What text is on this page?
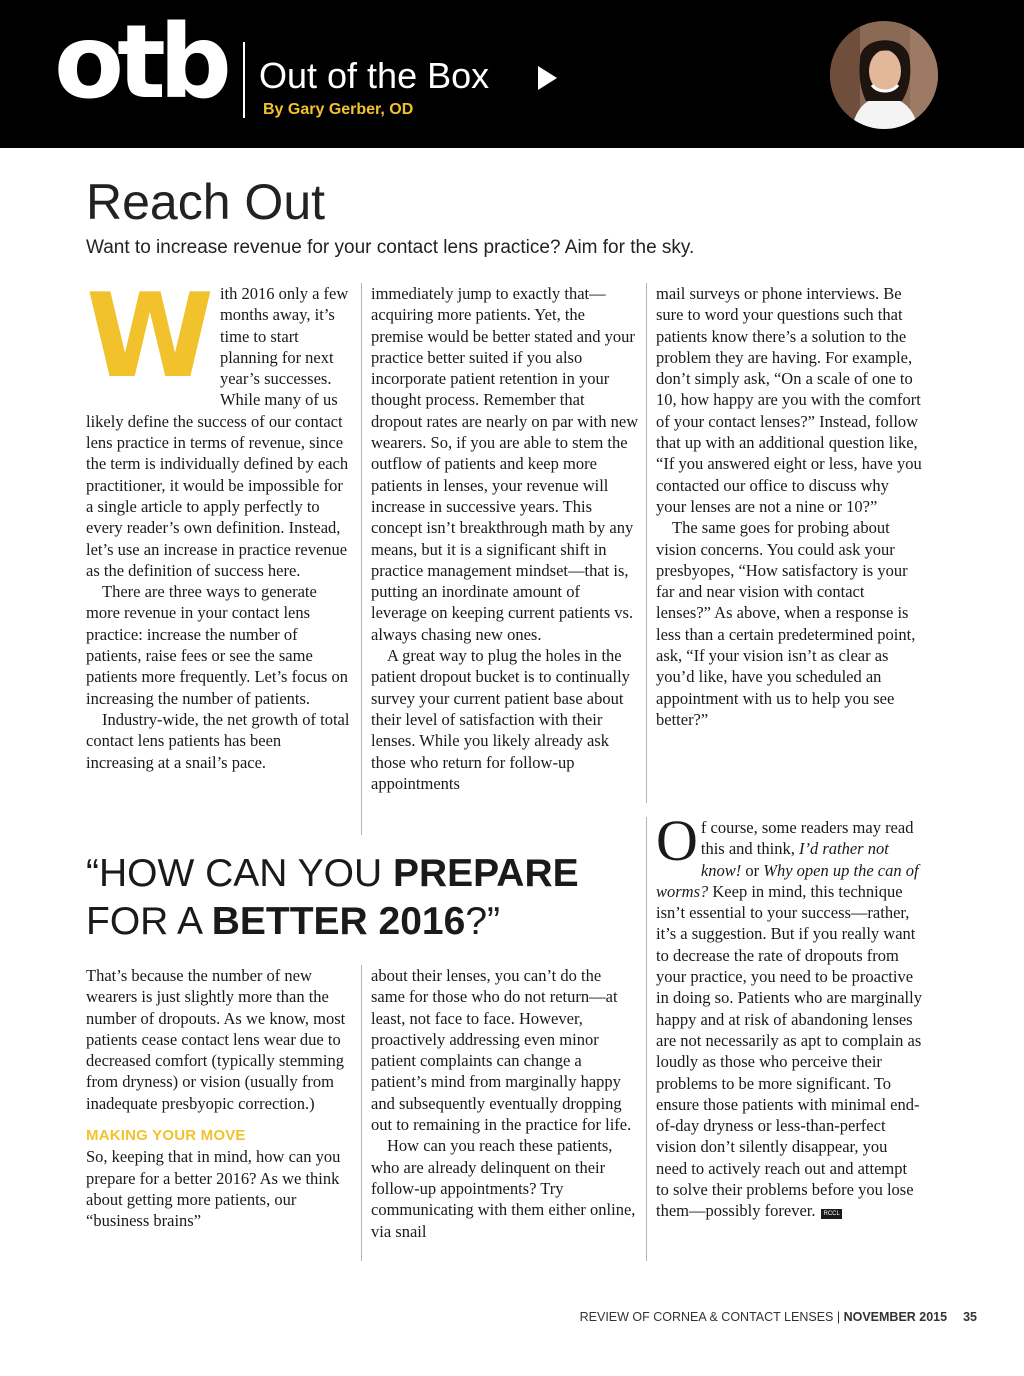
otb Out of the Box
By Gary Gerber, OD
Reach Out
Want to increase revenue for your contact lens practice? Aim for the sky.
W ith 2016 only a few months away, it’s time to start planning for next year’s successes. While many of us likely define the success of our contact lens practice in terms of revenue, since the term is individually defined by each practitioner, it would be impossible for a single article to apply perfectly to every reader’s own definition. Instead, let’s use an increase in practice revenue as the definition of success here.

There are three ways to generate more revenue in your contact lens practice: increase the number of patients, raise fees or see the same patients more frequently. Let’s focus on increasing the number of patients.

Industry-wide, the net growth of total contact lens patients has been increasing at a snail’s pace.

immediately jump to exactly that—acquiring more patients. Yet, the premise would be better stated and your practice better suited if you also incorporate patient retention in your thought process. Remember that dropout rates are nearly on par with new wearers. So, if you are able to stem the outflow of patients and keep more patients in lenses, your revenue will increase in successive years. This concept isn’t breakthrough math by any means, but it is a significant shift in practice management mindset—that is, putting an inordinate amount of leverage on keeping current patients vs. always chasing new ones.

A great way to plug the holes in the patient dropout bucket is to continually survey your current patient base about their level of satisfaction with their lenses. While you likely already ask those who return for follow-up appointments

mail surveys or phone interviews. Be sure to word your questions such that patients know there’s a solution to the problem they are having. For example, don’t simply ask, “On a scale of one to 10, how happy are you with the comfort of your contact lenses?” Instead, follow that up with an additional question like, “If you answered eight or less, have you contacted our office to discuss why your lenses are not a nine or 10?”

The same goes for probing about vision concerns. You could ask your presbyopes, “How satisfactory is your far and near vision with contact lenses?” As above, when a response is less than a certain predetermined point, ask, “If your vision isn’t as clear as you’d like, have you scheduled an appointment with us to help you see better?”

“HOW CAN YOU PREPARE
FOR A BETTER 2016?”

That’s because the number of new wearers is just slightly more than the number of dropouts. As we know, most patients cease contact lens wear due to decreased comfort (typically stemming from dryness) or vision (usually from inadequate presbyopic correction.)

MAKING YOUR MOVE

So, keeping that in mind, how can you prepare for a better 2016? As we think about getting more patients, our “business brains”

about their lenses, you can’t do the same for those who do not return—at least, not face to face. However, proactively addressing even minor patient complaints can change a patient’s mind from marginally happy and subsequently eventually dropping out to remaining in the practice for life.

How can you reach these patients, who are already delinquent on their follow-up appointments? Try communicating with them either online, via snail

Of course, some readers may read this and think, I’d rather not know! or Why open up the can of worms? Keep in mind, this technique isn’t essential to your success—rather, it’s a suggestion. But if you really want to decrease the rate of dropouts from your practice, you need to be proactive in doing so. Patients who are marginally happy and at risk of abandoning lenses are not necessarily as apt to complain as loudly as those who perceive their problems to be more significant. To ensure those patients with minimal end-of-day dryness or less-than-perfect vision don’t silently disappear, you need to actively reach out and attempt to solve their problems before you lose them—possibly forever. RCCL

REVIEW OF CORNEA & CONTACT LENSES | NOVEMBER 2015 35
